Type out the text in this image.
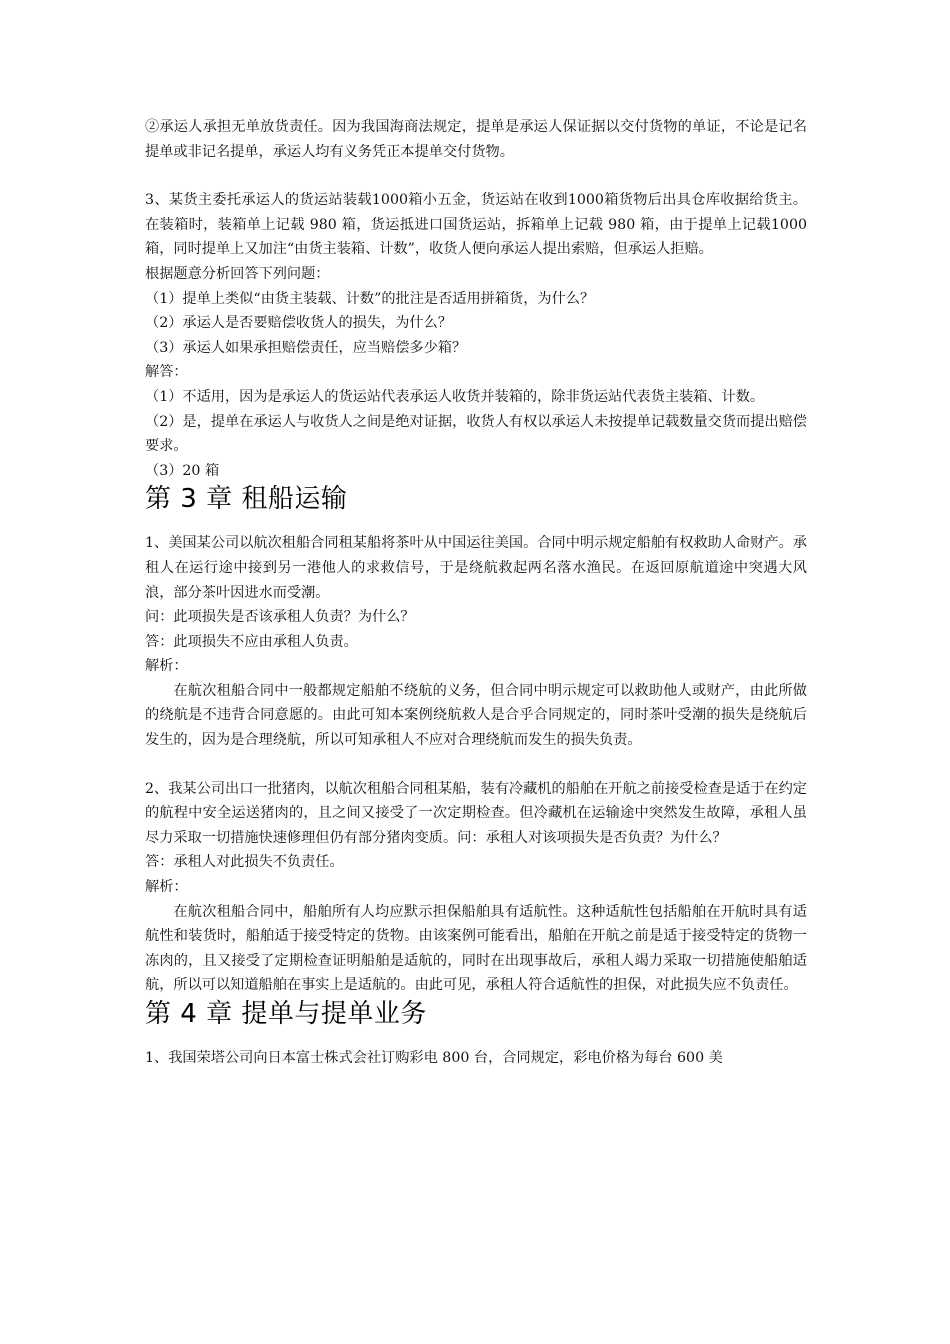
②承运人承担无单放货责任。因为我国海商法规定，提单是承运人保证据以交付货物的单证，不论是记名提单或非记名提单，承运人均有义务凭正本提单交付货物。

3、某货主委托承运人的货运站装载1000箱小五金，货运站在收到1000箱货物后出具仓库收据给货主。在装箱时，装箱单上记载 980 箱，货运抵进口国货运站，拆箱单上记载 980 箱，由于提单上记载1000箱，同时提单上又加注“由货主装箱、计数”，收货人便向承运人提出索赔，但承运人拒赔。

根据题意分析回答下列问题：

（1）提单上类似“由货主装载、计数”的批注是否适用拼箱货，为什么？

（2）承运人是否要赔偿收货人的损失，为什么？

（3）承运人如果承担赔偿责任，应当赔偿多少箱？

解答：

（1）不适用，因为是承运人的货运站代表承运人收货并装箱的，除非货运站代表货主装箱、计数。

（2）是，提单在承运人与收货人之间是绝对证据，收货人有权以承运人未按提单记载数量交货而提出赔偿要求。

（3）20 箱

第 3 章 租船运输

1、美国某公司以航次租船合同租某船将茶叶从中国运往美国。合同中明示规定船舶有权救助人命财产。承租人在运行途中接到另一港他人的求救信号，于是绕航救起两名落水渔民。在返回原航道途中突遇大风浪，部分茶叶因进水而受潮。

问：此项损失是否该承租人负责？为什么？

答：此项损失不应由承租人负责。

解析：

在航次租船合同中一般都规定船舶不绕航的义务，但合同中明示规定可以救助他人或财产，由此所做的绕航是不违背合同意愿的。由此可知本案例绕航救人是合乎合同规定的，同时茶叶受潮的损失是绕航后发生的，因为是合理绕航，所以可知承租人不应对合理绕航而发生的损失负责。

2、我某公司出口一批猪肉，以航次租船合同租某船，装有冷藏机的船舶在开航之前接受检查是适于在约定的航程中安全运送猪肉的，且之间又接受了一次定期检查。但冷藏机在运输途中突然发生故障，承租人虽尽力采取一切措施快速修理但仍有部分猪肉变质。问：承租人对该项损失是否负责？为什么？

答：承租人对此损失不负责任。

解析：

在航次租船合同中，船舶所有人均应默示担保船舶具有适航性。这种适航性包括船舶在开航时具有适航性和装货时，船舶适于接受特定的货物。由该案例可能看出，船舶在开航之前是适于接受特定的货物一冻肉的，且又接受了定期检查证明船舶是适航的，同时在出现事故后，承租人竭力采取一切措施使船舶适航，所以可以知道船舶在事实上是适航的。由此可见，承租人符合适航性的担保，对此损失应不负责任。

第 4 章 提单与提单业务

1、我国荣塔公司向日本富士株式会社订购彩电 800 台，合同规定，彩电价格为每台 600 美
